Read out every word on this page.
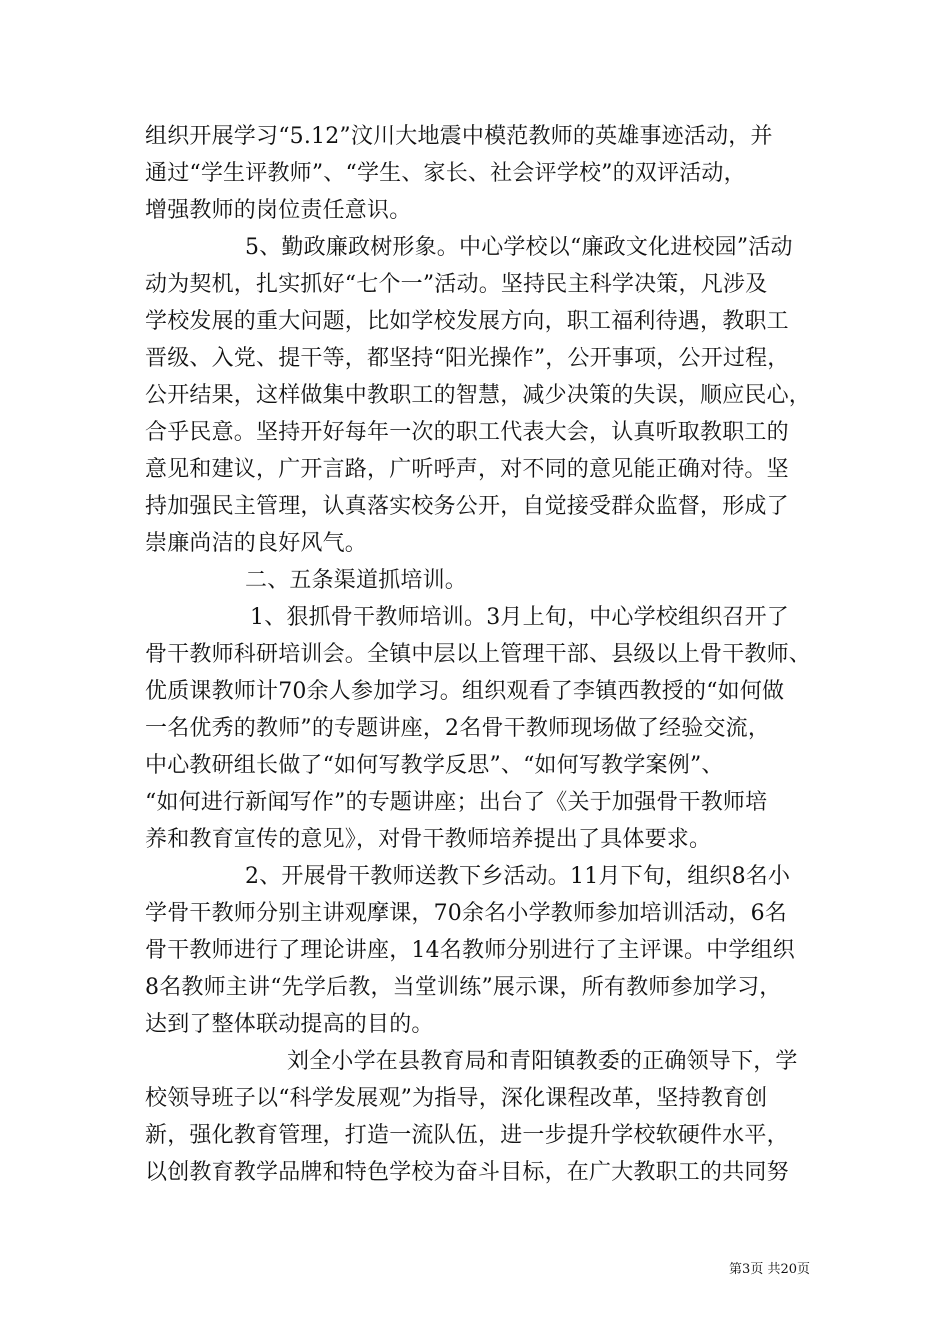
组织开展学习“5.12”汶川大地震中模范教师的英雄事迹活动，并
通过“学生评教师”、“学生、家长、社会评学校”的双评活动，
增强教师的岗位责任意识。
5、勤政廉政树形象。中心学校以“廉政文化进校园”活动
动为契机，扎实抓好“七个一”活动。坚持民主科学决策，凡涉及
学校发展的重大问题，比如学校发展方向，职工福利待遇，教职工
晋级、入党、提干等，都坚持“阳光操作”，公开事项，公开过程，
公开结果，这样做集中教职工的智慧，减少决策的失误，顺应民心，
合乎民意。坚持开好每年一次的职工代表大会，认真听取教职工的
意见和建议，广开言路，广听呼声，对不同的意见能正确对待。坚
持加强民主管理，认真落实校务公开，自觉接受群众监督，形成了
崇廉尚洁的良好风气。
二、五条渠道抓培训。
1、狠抓骨干教师培训。3月上旬，中心学校组织召开了
骨干教师科研培训会。全镇中层以上管理干部、县级以上骨干教师、
优质课教师计70余人参加学习。组织观看了李镇西教授的“如何做
一名优秀的教师”的专题讲座，2名骨干教师现场做了经验交流，
中心教研组长做了“如何写教学反思”、“如何写教学案例”、
“如何进行新闻写作”的专题讲座；出台了《关于加强骨干教师培
养和教育宣传的意见》，对骨干教师培养提出了具体要求。
2、开展骨干教师送教下乡活动。11月下旬，组织8名小
学骨干教师分别主讲观摩课，70余名小学教师参加培训活动，6名
骨干教师进行了理论讲座，14名教师分别进行了主评课。中学组织
8名教师主讲“先学后教，当堂训练”展示课，所有教师参加学习，
达到了整体联动提高的目的。
刘全小学在县教育局和青阳镇教委的正确领导下，学
校领导班子以“科学发展观”为指导，深化课程改革，坚持教育创
新，强化教育管理，打造一流队伍，进一步提升学校软硬件水平，
以创教育教学品牌和特色学校为奋斗目标，在广大教职工的共同努
第3页 共20页
